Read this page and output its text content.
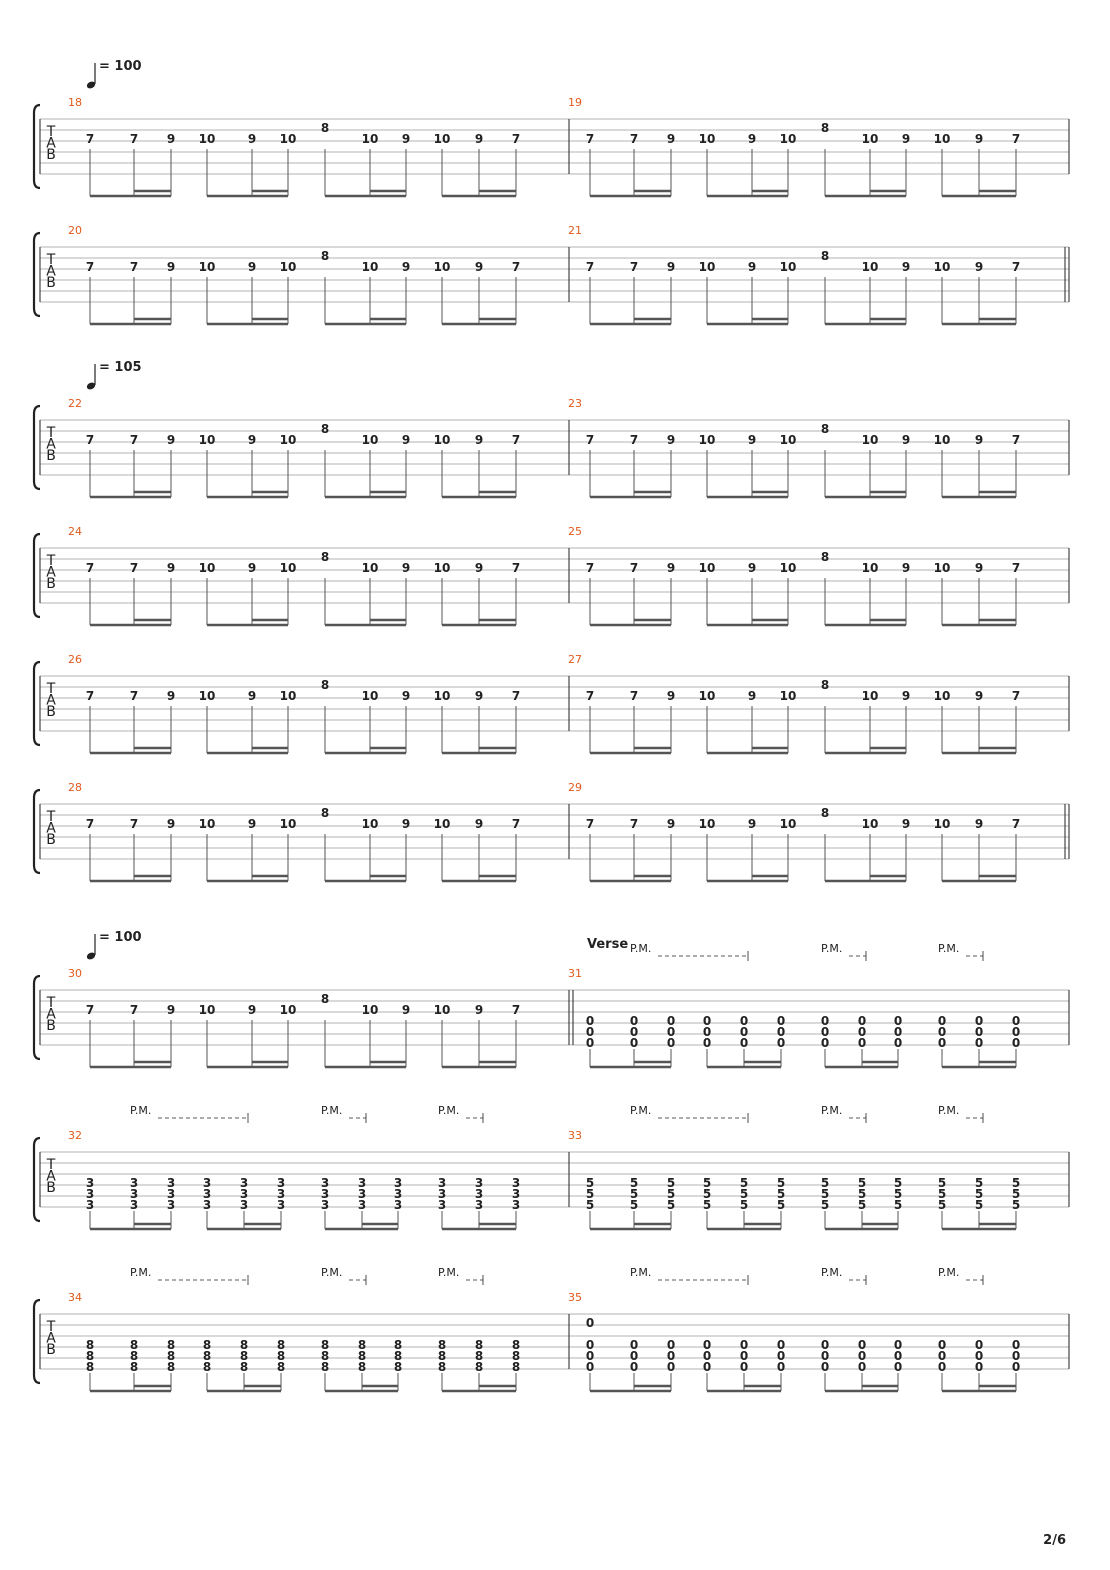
= 100
T
A
B
18
7	7 9 10	9 10	10 9 10 9 7
8
19
7	7 9 10	9 10	10 9 10 9 7
8
T
A
B
20
7	7 9 10	9 10	10 9 10 9 7
8
21
7	7 9 10	9 10	10 9 10 9 7
8
= 105
T
A
B
22
7	7 9 10	9 10	10 9 10 9 7
8
23
7	7 9 10	9 10	10 9 10 9 7
8
T
A
B
24
7	7 9 10	9 10	10 9 10 9 7
8
25
7	7 9 10	9 10	10 9 10 9 7
8
T
A
B
26
7	7 9 10	9 10	10 9 10 9 7
8
27
7	7 9 10	9 10	10 9 10 9 7
8
T
A
B
28
7	7 9 10	9 10	10 9 10 9 7
8
29
7	7 9 10	9 10	10 9 10 9 7
8
= 100
T
A
B
30
7	7 9 10	9 10	10 9 10 9 7
8
31
Verse
0
0
0
0
0
0
0
0
0
0
0
0
0
0
0
0
0
0
0
0
0
0
0
0
0
0
0
0
0
0
0
0
0
0
0
0
P.M.	P.M.	P.M.
T
A
B
32
3
3
3
3
3
3
3
3
3
3
3
3
3
3
3
3
3
3
3
3
3
3
3
3
3
3
3
3
3
3
3
3
3
3
3
3
P.M.	P.M.	P.M.
33
5
5
5
5
5
5
5
5
5
5
5
5
5
5
5
5
5
5
5
5
5
5
5
5
5
5
5
5
5
5
5
5
5
5
5
5
P.M.	P.M.	P.M.
T
A
B
34
8
8
8
8
8
8
8
8
8
8
8
8
8
8
8
8
8
8
8
8
8
8
8
8
8
8
8
8
8
8
8
8
8
8
8
8
P.M.	P.M.	P.M.
35
0
0
0
0
0
0
0
0
0
0
0
0
0
0
0
0
0
0
0
0
0
0
0
0
0
0
0
0
0
0
0
0
0
0
0
0
0
P.M.	P.M.	P.M.
2/6
